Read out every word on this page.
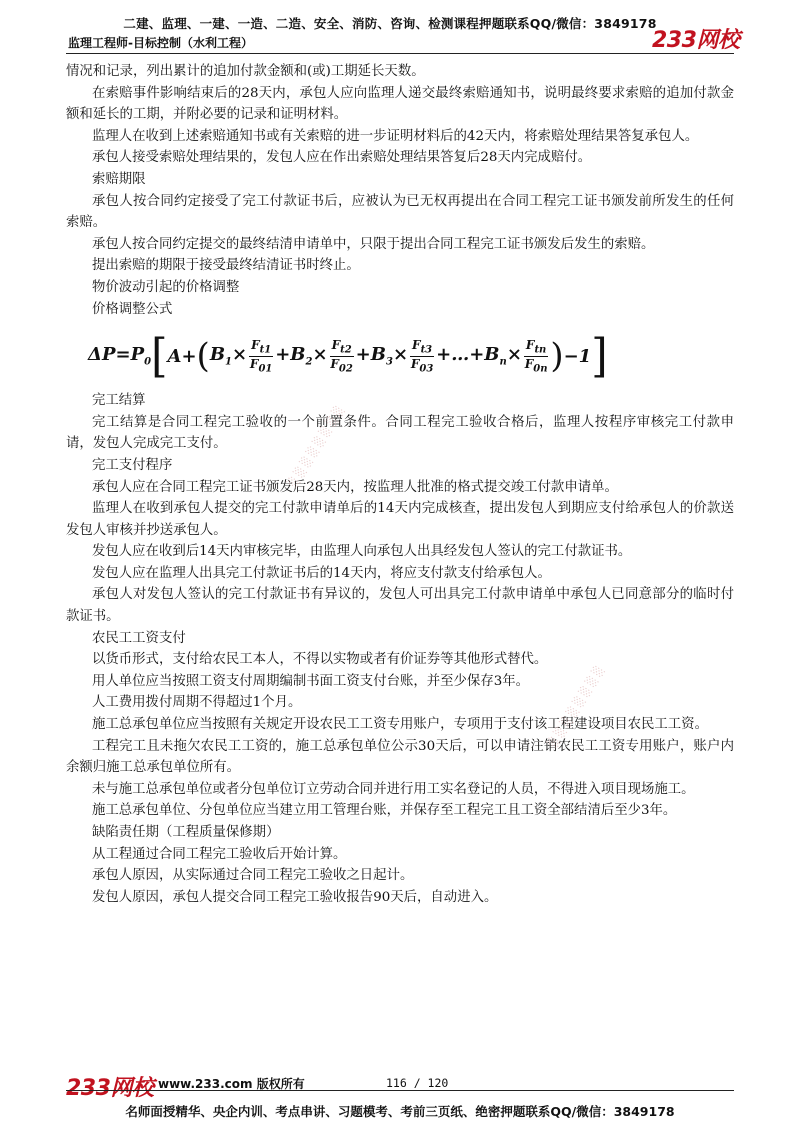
二建、监理、一建、一造、二造、安全、消防、咨询、检测课程押题联系QQ/微信：3849178
监理工程师-目标控制（水利工程）	233网校

情况和记录，列出累计的追加付款金额和(或)工期延长天数。

在索赔事件影响结束后的28天内，承包人应向监理人递交最终索赔通知书，说明最终要求索赔的追加付款金额和延长的工期，并附必要的记录和证明材料。

监理人在收到上述索赔通知书或有关索赔的进一步证明材料后的42天内，将索赔处理结果答复承包人。

承包人接受索赔处理结果的，发包人应在作出索赔处理结果答复后28天内完成赔付。

索赔期限

承包人按合同约定接受了完工付款证书后，应被认为已无权再提出在合同工程完工证书颁发前所发生的任何索赔。

承包人按合同约定提交的最终结清申请单中，只限于提出合同工程完工证书颁发后发生的索赔。

提出索赔的期限于接受最终结清证书时终止。

物价波动引起的价格调整

价格调整公式

$\Delta P=P_0$ [ A+ ( $B_1\times \frac{F_{t1}}{F_{01}} +B_2\times \frac{F_{t2}}{F_{02}} +B_3\times \frac{F_{t3}}{F_{03}}$ $+\dots+B_n\times \frac{F_{tn}}{F_{0n}}$ ) −1 ]

完工结算

完工结算是合同工程完工验收的一个前置条件。合同工程完工验收合格后，监理人按程序审核完工付款申请，发包人完成完工支付。

完工支付程序

承包人应在合同工程完工证书颁发后28天内，按监理人批准的格式提交竣工付款申请单。

监理人在收到承包人提交的完工付款申请单后的14天内完成核查，提出发包人到期应支付给承包人的价款送发包人审核并抄送承包人。

发包人应在收到后14天内审核完毕，由监理人向承包人出具经发包人签认的完工付款证书。

发包人应在监理人出具完工付款证书后的14天内，将应支付款支付给承包人。

承包人对发包人签认的完工付款证书有异议的，发包人可出具完工付款申请单中承包人已同意部分的临时付款证书。

农民工工资支付

以货币形式，支付给农民工本人，不得以实物或者有价证券等其他形式替代。

用人单位应当按照工资支付周期编制书面工资支付台账，并至少保存3年。

人工费用拨付周期不得超过1个月。

施工总承包单位应当按照有关规定开设农民工工资专用账户，专项用于支付该工程建设项目农民工工资。

工程完工且未拖欠农民工工资的，施工总承包单位公示30天后，可以申请注销农民工工资专用账户，账户内余额归施工总承包单位所有。

未与施工总承包单位或者分包单位订立劳动合同并进行用工实名登记的人员，不得进入项目现场施工。

施工总承包单位、分包单位应当建立用工管理台账，并保存至工程完工且工资全部结清后至少3年。

缺陷责任期（工程质量保修期）

从工程通过合同工程完工验收后开始计算。

承包人原因，从实际通过合同工程完工验收之日起计。

发包人原因，承包人提交合同工程完工验收报告90天后，自动进入。

░ ░ ░ ░ ░ ░ ░ ░
░ ░ ░ ░ ░ ░ ░ ░
233网校 www.233.com 版权所有	116 / 120
名师面授精华、央企内训、考点串讲、习题模考、考前三页纸、绝密押题联系QQ/微信：3849178
